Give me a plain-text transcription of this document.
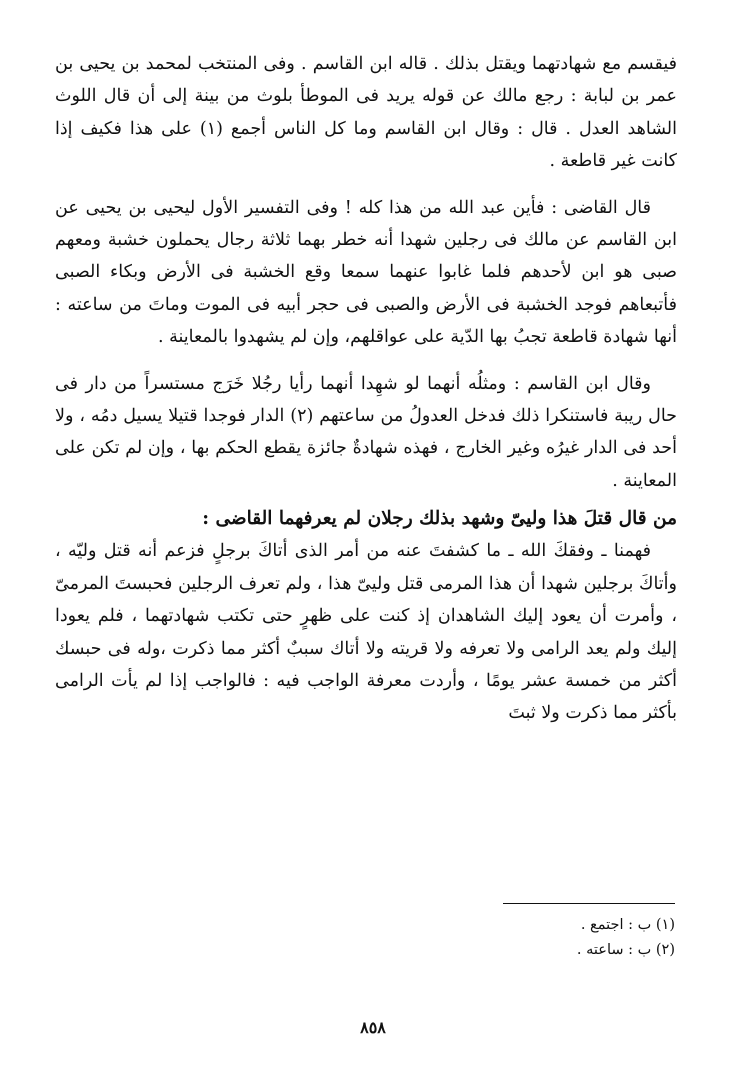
فيقسم مع شهادتهما ويقتل بذلك . قاله ابن القاسم . وفى المنتخب لمحمد بن يحيى بن عمر بن لبابة : رجع مالك عن قوله يريد فى الموطأ بلوث من بينة إلى أن قال اللوث الشاهد العدل . قال : وقال ابن القاسم وما كل الناس أجمع (١) على هذا فكيف إذا كانت غير قاطعة .

قال القاضى : فأين عبد الله من هذا كله ! وفى التفسير الأول ليحيى بن يحيى عن ابن القاسم عن مالك فى رجلين شهدا أنه خطر بهما ثلاثة رجال يحملون خشبة ومعهم صبى هو ابن لأحدهم فلما غابوا عنهما سمعا وقع الخشبة فى الأرض وبكاء الصبى فأتبعاهم فوجد الخشبة فى الأرض والصبى فى حجر أبيه فى الموت وماتَ من ساعته : أنها شهادة قاطعة تجبُ بها الدّية على عواقلهم، وإن لم يشهدوا بالمعاينة .

وقال ابن القاسم : ومثلُه أنهما لو شهِدا أنهما رأيا رجُلا خَرَج مستسراً من دار فى حال ريبة فاستنكرا ذلك فدخل العدولُ من ساعتهم (٢) الدار فوجدا قتيلا يسيل دمُه ، ولا أحد فى الدار غيرُه وغير الخارج ، فهذه شهادةٌ جائزة يقطع الحكم بها ، وإن لم تكن على المعاينة .

من قال قتلَ هذا وليىّ وشهد بذلك رجلان لم يعرفهما القاضى :

فهمنا ـ وفقكَ الله ـ ما كشفتَ عنه من أمر الذى أتاكَ برجلٍ فزعم أنه قتل وليّه ، وأتاكَ برجلين شهدا أن هذا المرمى قتل وليىّ هذا ، ولم تعرف الرجلين فحبستَ المرمىّ ، وأمرت أن يعود إليك الشاهدان إذ كنت على ظهرٍ حتى تكتب شهادتهما ، فلم يعودا إليك ولم يعد الرامى ولا تعرفه ولا قريته ولا أتاك سببٌ أكثر مما ذكرت ،وله فى حبسك أكثر من خمسة عشر يومًا ، وأردت معرفة الواجب فيه : فالواجب إذا لم يأت الرامى بأكثر مما ذكرت ولا ثبتَ

(١) ب : اجتمع .

(٢) ب : ساعته .

٨٥٨
